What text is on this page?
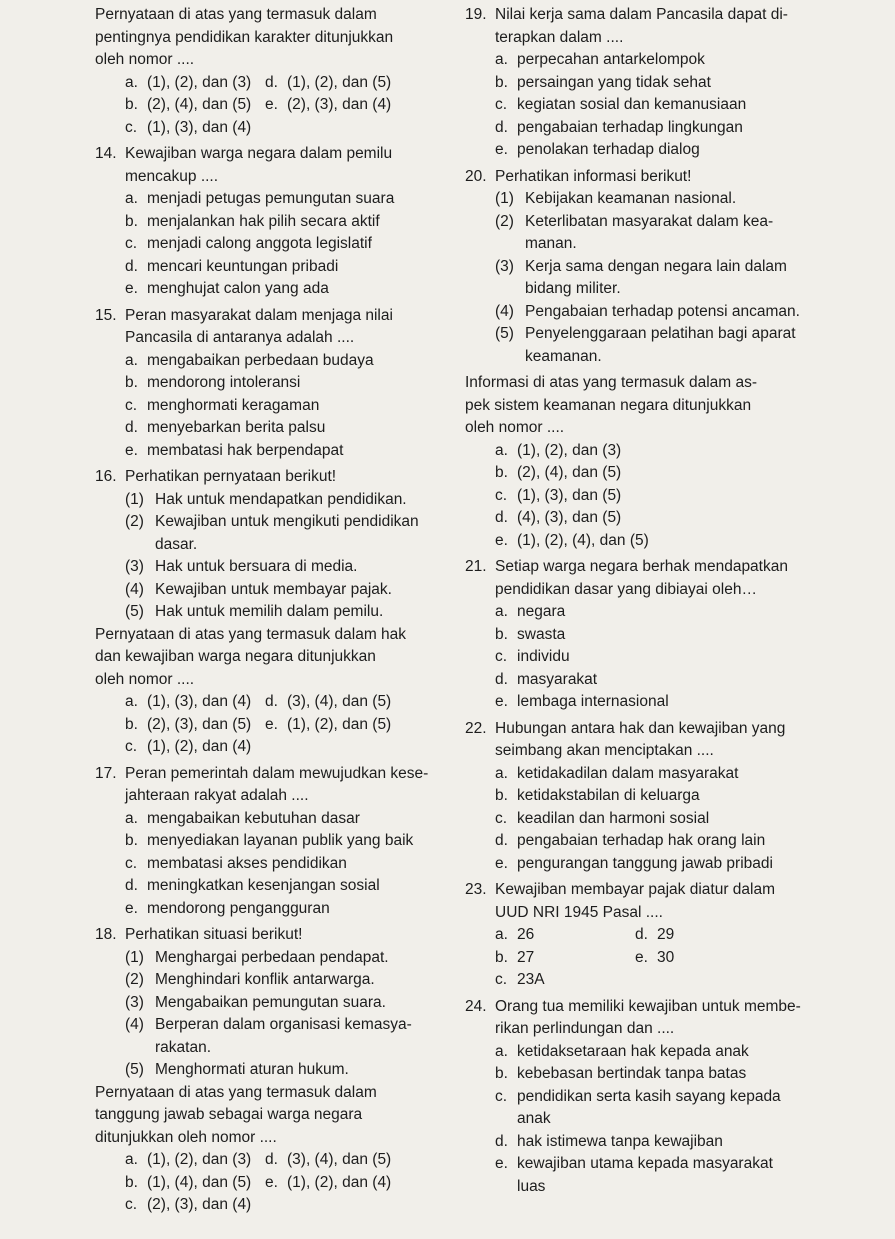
Pernyataan di atas yang termasuk dalam
pentingnya pendidikan karakter ditunjukkan
oleh nomor ....
a. (1), (2), dan (3) d. (1), (2), dan (5)
b. (2), (4), dan (5) e. (2), (3), dan (4)
c. (1), (3), dan (4)
14. Kewajiban warga negara dalam pemilu
mencakup ....
a. menjadi petugas pemungutan suara
b. menjalankan hak pilih secara aktif
c. menjadi calong anggota legislatif
d. mencari keuntungan pribadi
e. menghujat calon yang ada
15. Peran masyarakat dalam menjaga nilai
Pancasila di antaranya adalah ....
a. mengabaikan perbedaan budaya
b. mendorong intoleransi
c. menghormati keragaman
d. menyebarkan berita palsu
e. membatasi hak berpendapat
16. Perhatikan pernyataan berikut!
(1) Hak untuk mendapatkan pendidikan.
(2) Kewajiban untuk mengikuti pendidikan
dasar.
(3) Hak untuk bersuara di media.
(4) Kewajiban untuk membayar pajak.
(5) Hak untuk memilih dalam pemilu.
Pernyataan di atas yang termasuk dalam hak
dan kewajiban warga negara ditunjukkan
oleh nomor ....
a. (1), (3), dan (4) d. (3), (4), dan (5)
b. (2), (3), dan (5) e. (1), (2), dan (5)
c. (1), (2), dan (4)
17. Peran pemerintah dalam mewujudkan kese-
jahteraan rakyat adalah ....
a. mengabaikan kebutuhan dasar
b. menyediakan layanan publik yang baik
c. membatasi akses pendidikan
d. meningkatkan kesenjangan sosial
e. mendorong pengangguran
18. Perhatikan situasi berikut!
(1) Menghargai perbedaan pendapat.
(2) Menghindari konflik antarwarga.
(3) Mengabaikan pemungutan suara.
(4) Berperan dalam organisasi kemasya-
rakatan.
(5) Menghormati aturan hukum.
Pernyataan di atas yang termasuk dalam
tanggung jawab sebagai warga negara
ditunjukkan oleh nomor ....
a. (1), (2), dan (3) d. (3), (4), dan (5)
b. (1), (4), dan (5) e. (1), (2), dan (4)
c. (2), (3), dan (4)
19. Nilai kerja sama dalam Pancasila dapat di-
terapkan dalam ....
a. perpecahan antarkelompok
b. persaingan yang tidak sehat
c. kegiatan sosial dan kemanusiaan
d. pengabaian terhadap lingkungan
e. penolakan terhadap dialog
20. Perhatikan informasi berikut!
(1) Kebijakan keamanan nasional.
(2) Keterlibatan masyarakat dalam kea-
manan.
(3) Kerja sama dengan negara lain dalam
bidang militer.
(4) Pengabaian terhadap potensi ancaman.
(5) Penyelenggaraan pelatihan bagi aparat
keamanan.
Informasi di atas yang termasuk dalam as-
pek sistem keamanan negara ditunjukkan
oleh nomor ....
a. (1), (2), dan (3)
b. (2), (4), dan (5)
c. (1), (3), dan (5)
d. (4), (3), dan (5)
e. (1), (2), (4), dan (5)
21. Setiap warga negara berhak mendapatkan
pendidikan dasar yang dibiayai oleh…
a. negara
b. swasta
c. individu
d. masyarakat
e. lembaga internasional
22. Hubungan antara hak dan kewajiban yang
seimbang akan menciptakan ....
a. ketidakadilan dalam masyarakat
b. ketidakstabilan di keluarga
c. keadilan dan harmoni sosial
d. pengabaian terhadap hak orang lain
e. pengurangan tanggung jawab pribadi
23. Kewajiban membayar pajak diatur dalam
UUD NRI 1945 Pasal ....
a. 26	d. 29
b. 27	e. 30
c. 23A
24. Orang tua memiliki kewajiban untuk membe-
rikan perlindungan dan ....
a. ketidaksetaraan hak kepada anak
b. kebebasan bertindak tanpa batas
c. pendidikan serta kasih sayang kepada
anak
d. hak istimewa tanpa kewajiban
e. kewajiban utama kepada masyarakat
luas
